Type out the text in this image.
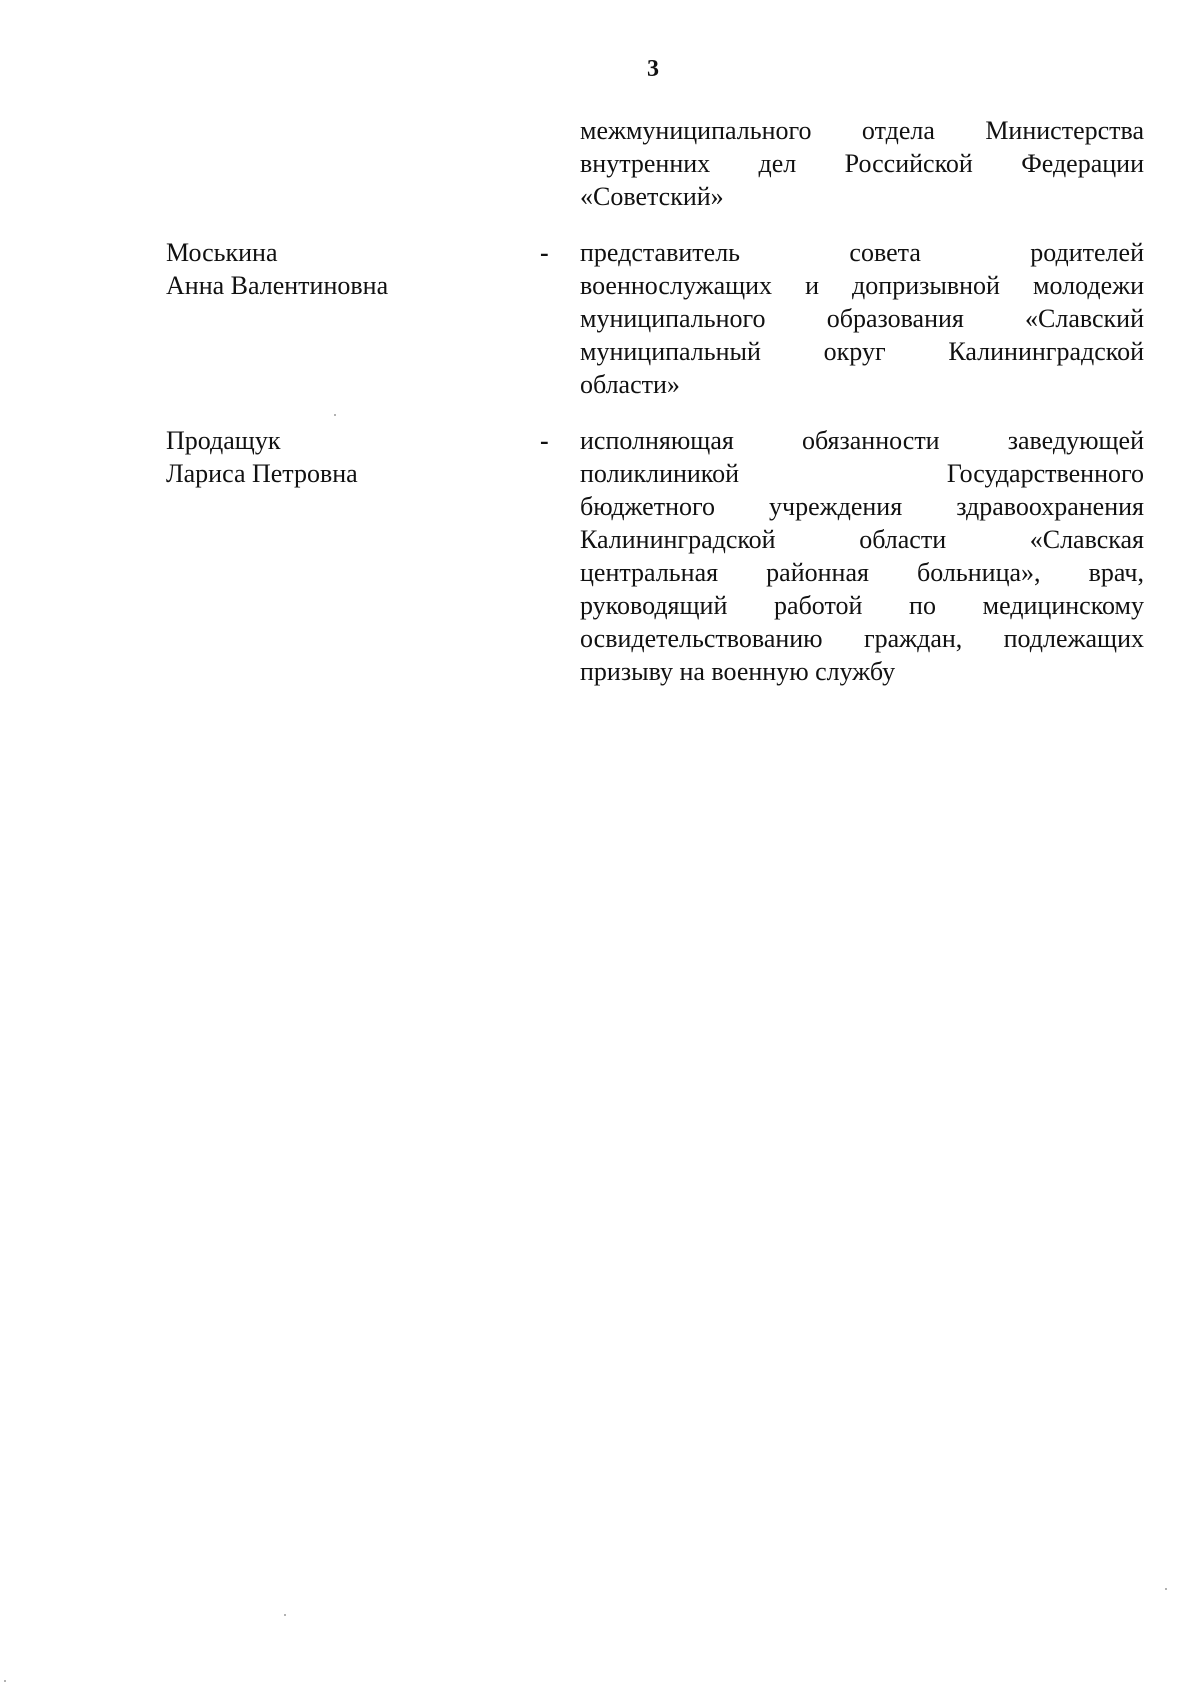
3
межмуниципального отдела Министерства
внутренних дел Российской Федерации
«Советский»
Моськина
Анна Валентиновна
- представитель совета родителей
военнослужащих и допризывной молодежи
муниципального образования «Славский
муниципальный округ Калининградской
области»
Продащук
Лариса Петровна
- исполняющая обязанности заведующей
поликлиникой Государственного
бюджетного учреждения здравоохранения
Калининградской области «Славская
центральная районная больница», врач,
руководящий работой по медицинскому
освидетельствованию граждан, подлежащих
призыву на военную службу
